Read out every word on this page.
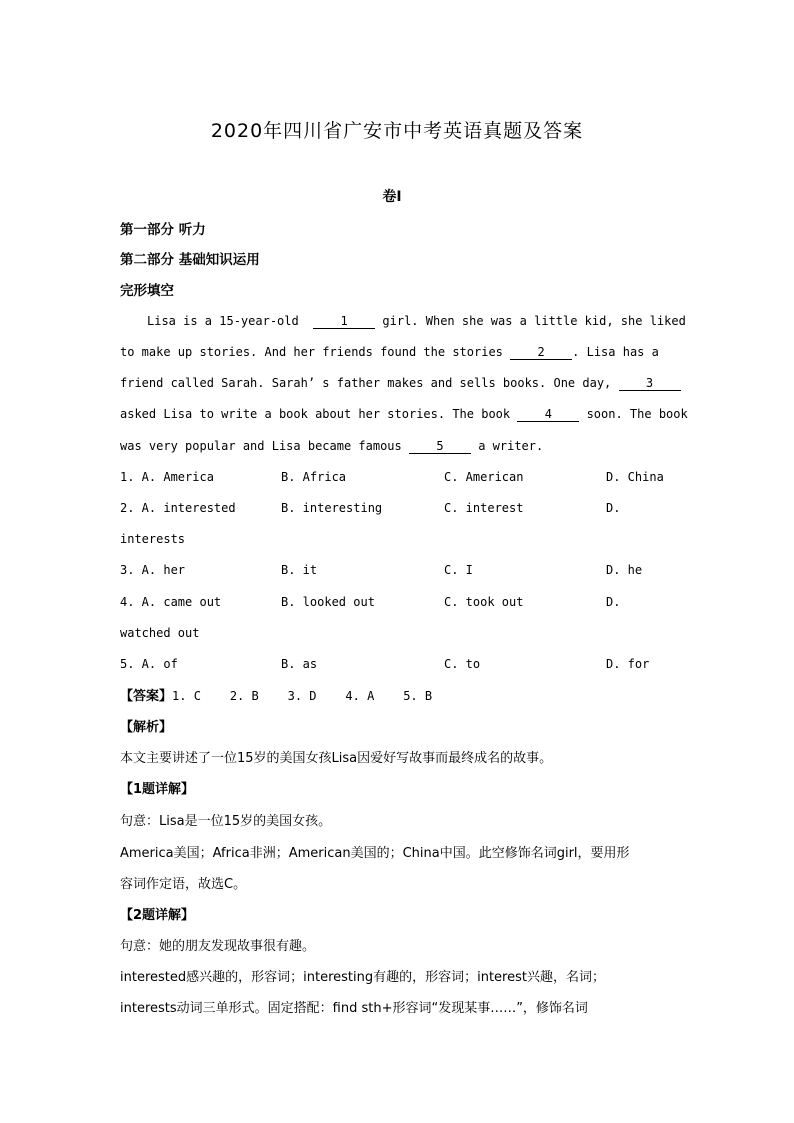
2020年四川省广安市中考英语真题及答案
卷I
第一部分 听力
第二部分 基础知识运用
完形填空
Lisa is a 15-year-old  1 girl. When she was a little kid, she liked
to make up stories. And her friends found the stories 2 . Lisa has a
friend called Sarah. Sarah’ s father makes and sells books. One day, 3
asked Lisa to write a book about her stories. The book 4 soon. The book
was very popular and Lisa became famous 5 a writer.
1. A. America	B. Africa	C. American	D. China
2. A. interested	B. interesting	C. interest	D.
interests
3. A. her	B. it	C. I	D. he
4. A. came out	B. looked out	C. took out	D.
watched out
5. A. of	B. as	C. to	D. for
【答案】1. C    2. B    3. D    4. A    5. B
【解析】
本文主要讲述了一位15岁的美国女孩Lisa因爱好写故事而最终成名的故事。
【1题详解】
句意：Lisa是一位15岁的美国女孩。
America美国；Africa非洲；American美国的；China中国。此空修饰名词girl，要用形
容词作定语，故选C。
【2题详解】
句意：她的朋友发现故事很有趣。
interested感兴趣的，形容词；interesting有趣的，形容词；interest兴趣，名词；
interests动词三单形式。固定搭配：find sth+形容词“发现某事……”，修饰名词
